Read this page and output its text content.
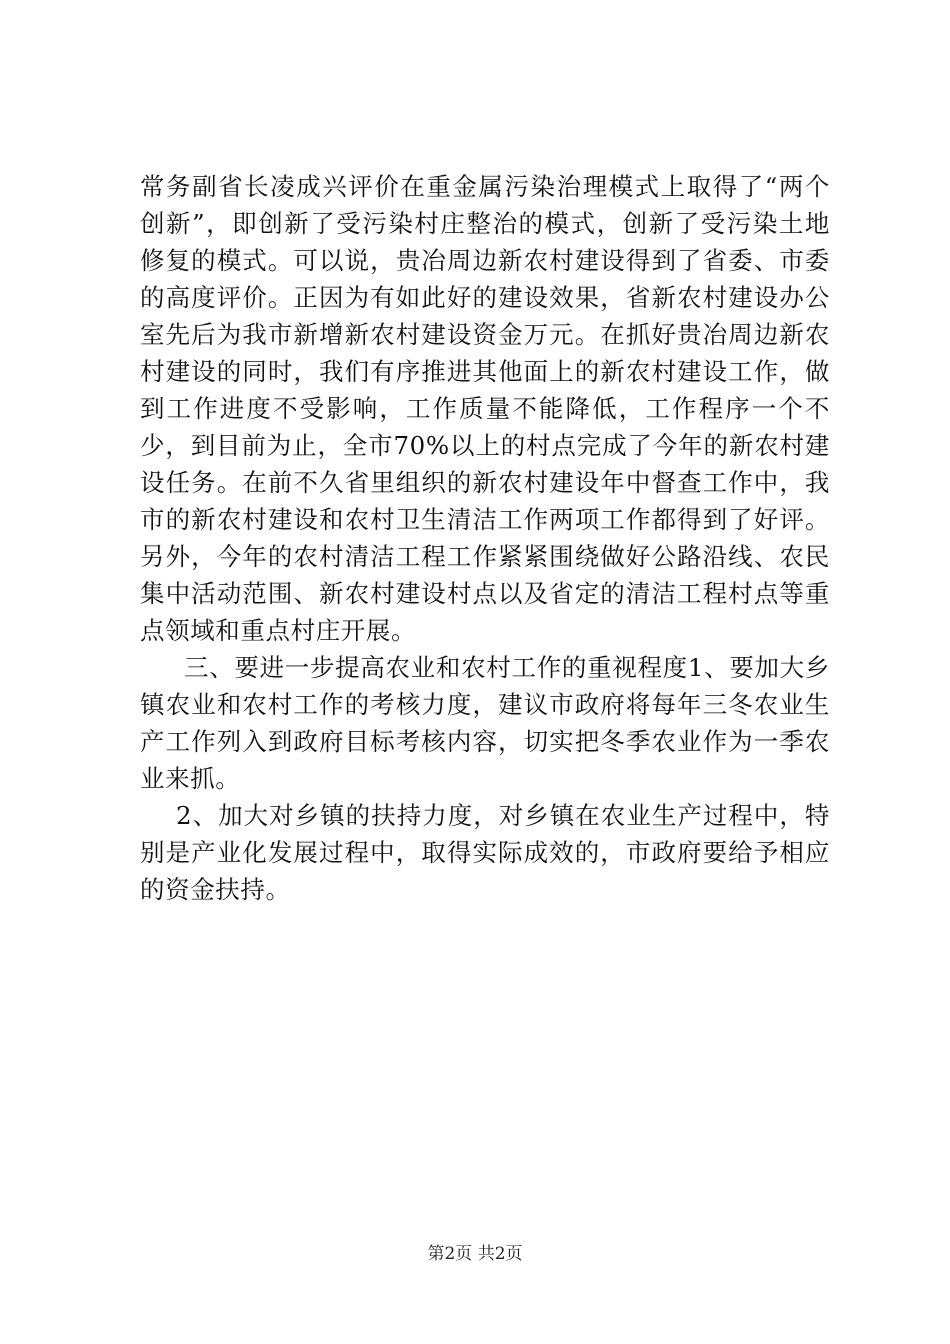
常务副省长凌成兴评价在重金属污染治理模式上取得了“两个创新”，即创新了受污染村庄整治的模式，创新了受污染土地修复的模式。可以说，贵冶周边新农村建设得到了省委、市委的高度评价。正因为有如此好的建设效果，省新农村建设办公室先后为我市新增新农村建设资金万元。在抓好贵冶周边新农村建设的同时，我们有序推进其他面上的新农村建设工作，做到工作进度不受影响，工作质量不能降低，工作程序一个不少，到目前为止，全市70%以上的村点完成了今年的新农村建设任务。在前不久省里组织的新农村建设年中督查工作中，我市的新农村建设和农村卫生清洁工作两项工作都得到了好评。另外，今年的农村清洁工程工作紧紧围绕做好公路沿线、农民集中活动范围、新农村建设村点以及省定的清洁工程村点等重点领域和重点村庄开展。

三、要进一步提高农业和农村工作的重视程度1、要加大乡镇农业和农村工作的考核力度，建议市政府将每年三冬农业生产工作列入到政府目标考核内容，切实把冬季农业作为一季农业来抓。

2、加大对乡镇的扶持力度，对乡镇在农业生产过程中，特别是产业化发展过程中，取得实际成效的，市政府要给予相应的资金扶持。

第2页 共2页
